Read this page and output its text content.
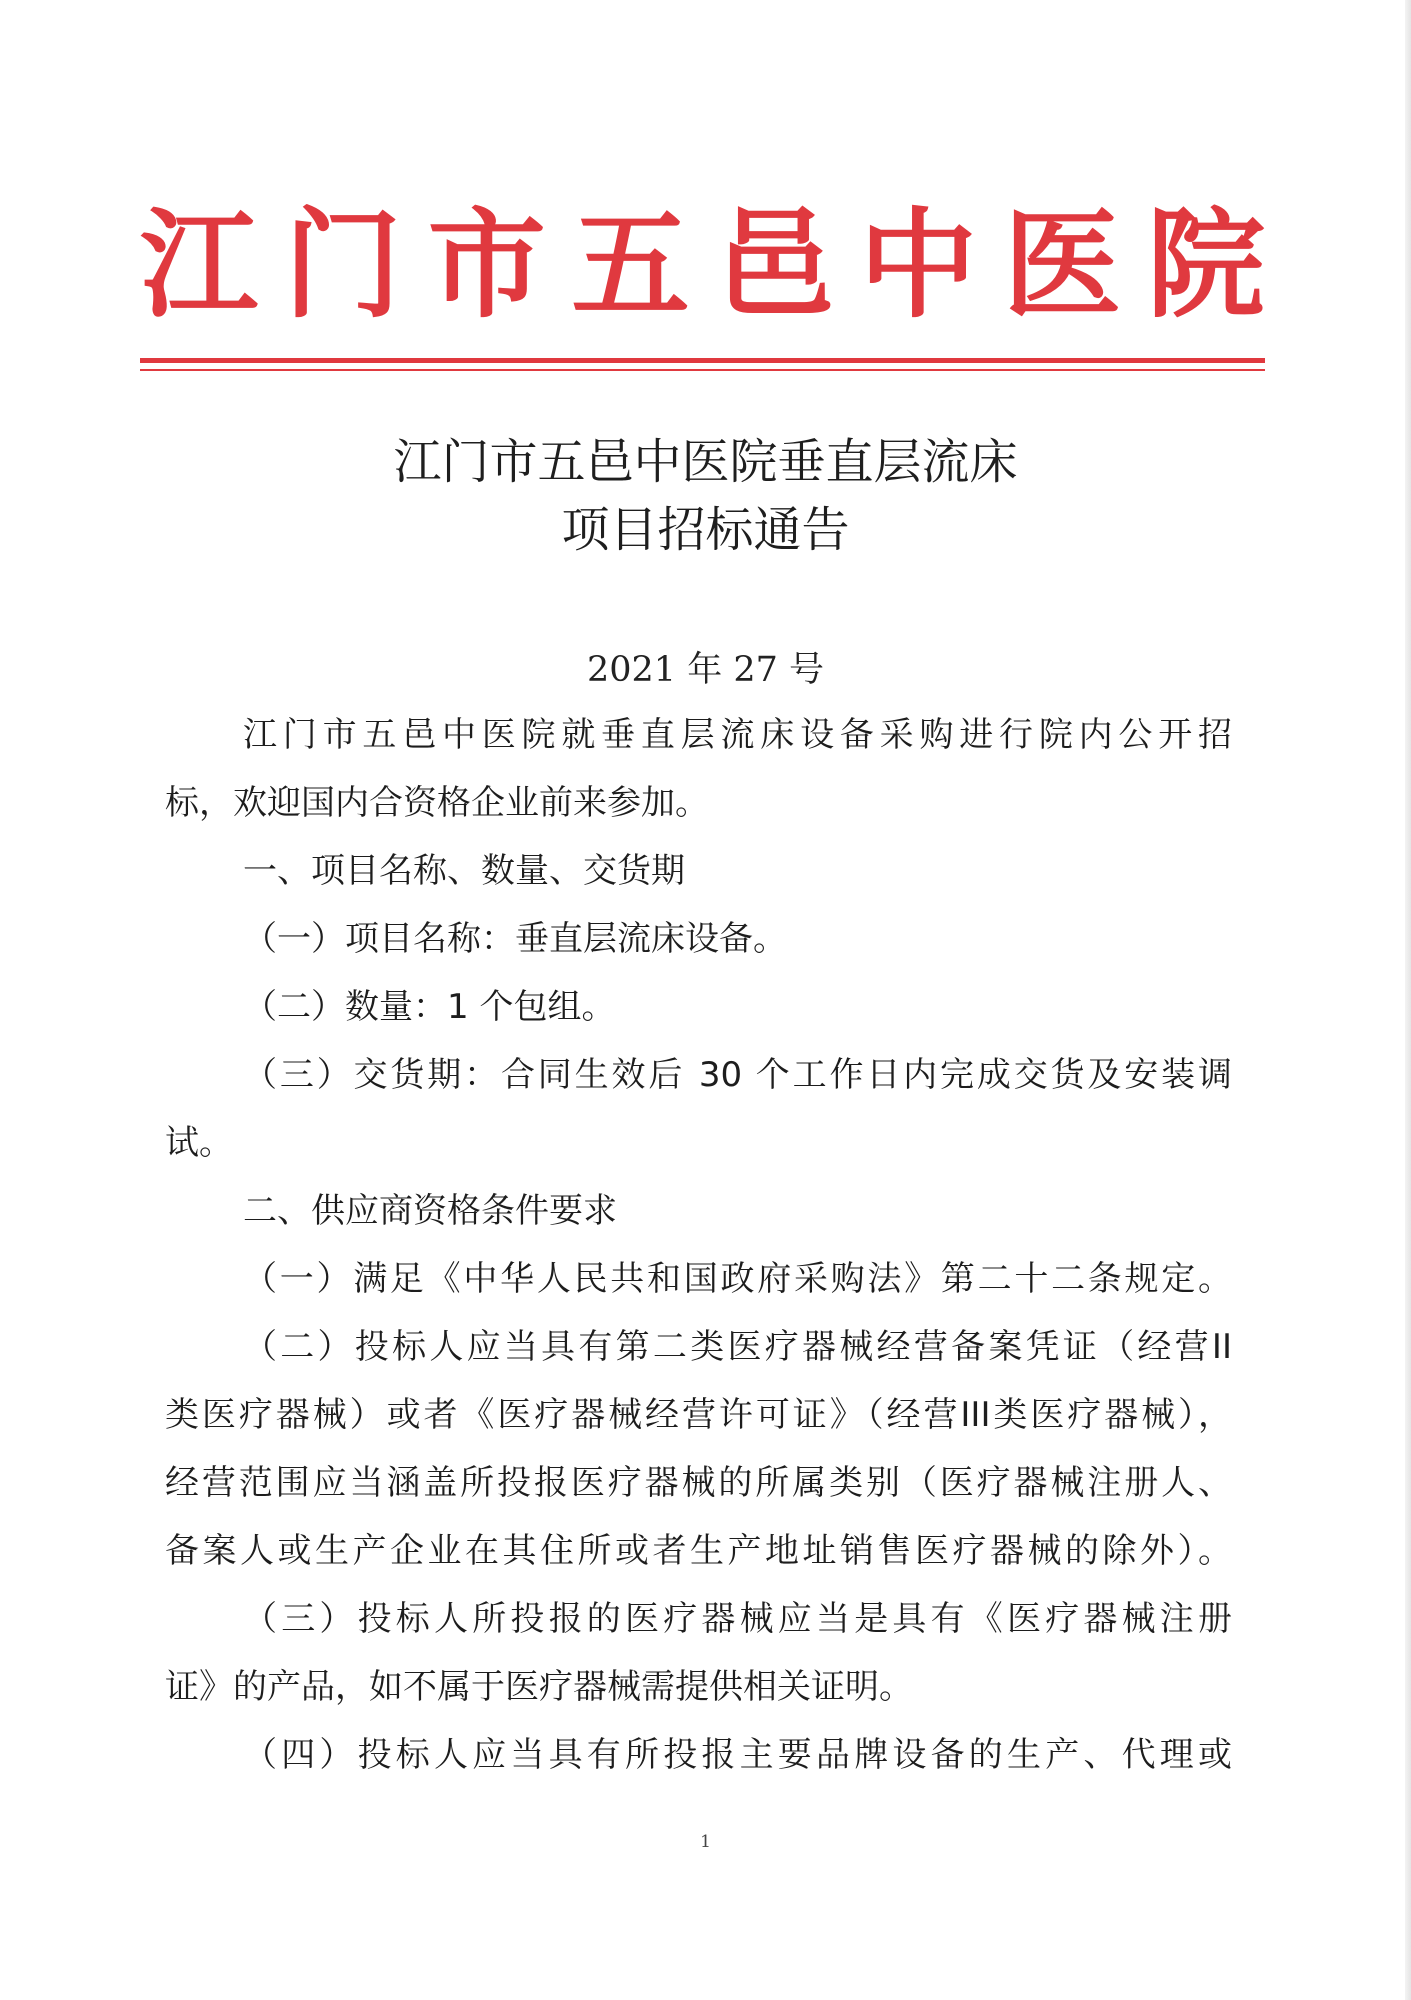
江 门 市 五 邑 中 医 院
江门市五邑中医院垂直层流床
项目招标通告
2021 年 27 号
江门市五邑中医院就垂直层流床设备采购进行院内公开招
标，欢迎国内合资格企业前来参加。
一、项目名称、数量、交货期
（一）项目名称：垂直层流床设备。
（二）数量：1 个包组。
（三）交货期：合同生效后 30 个工作日内完成交货及安装调
试。
二、供应商资格条件要求
（一）满足《中华人民共和国政府采购法》第二十二条规定。
（二）投标人应当具有第二类医疗器械经营备案凭证（经营II
类医疗器械）或者《医疗器械经营许可证》（经营III类医疗器械），
经营范围应当涵盖所投报医疗器械的所属类别（医疗器械注册人、
备案人或生产企业在其住所或者生产地址销售医疗器械的除外）。
（三）投标人所投报的医疗器械应当是具有《医疗器械注册
证》的产品，如不属于医疗器械需提供相关证明。
（四）投标人应当具有所投报主要品牌设备的生产、代理或
1
